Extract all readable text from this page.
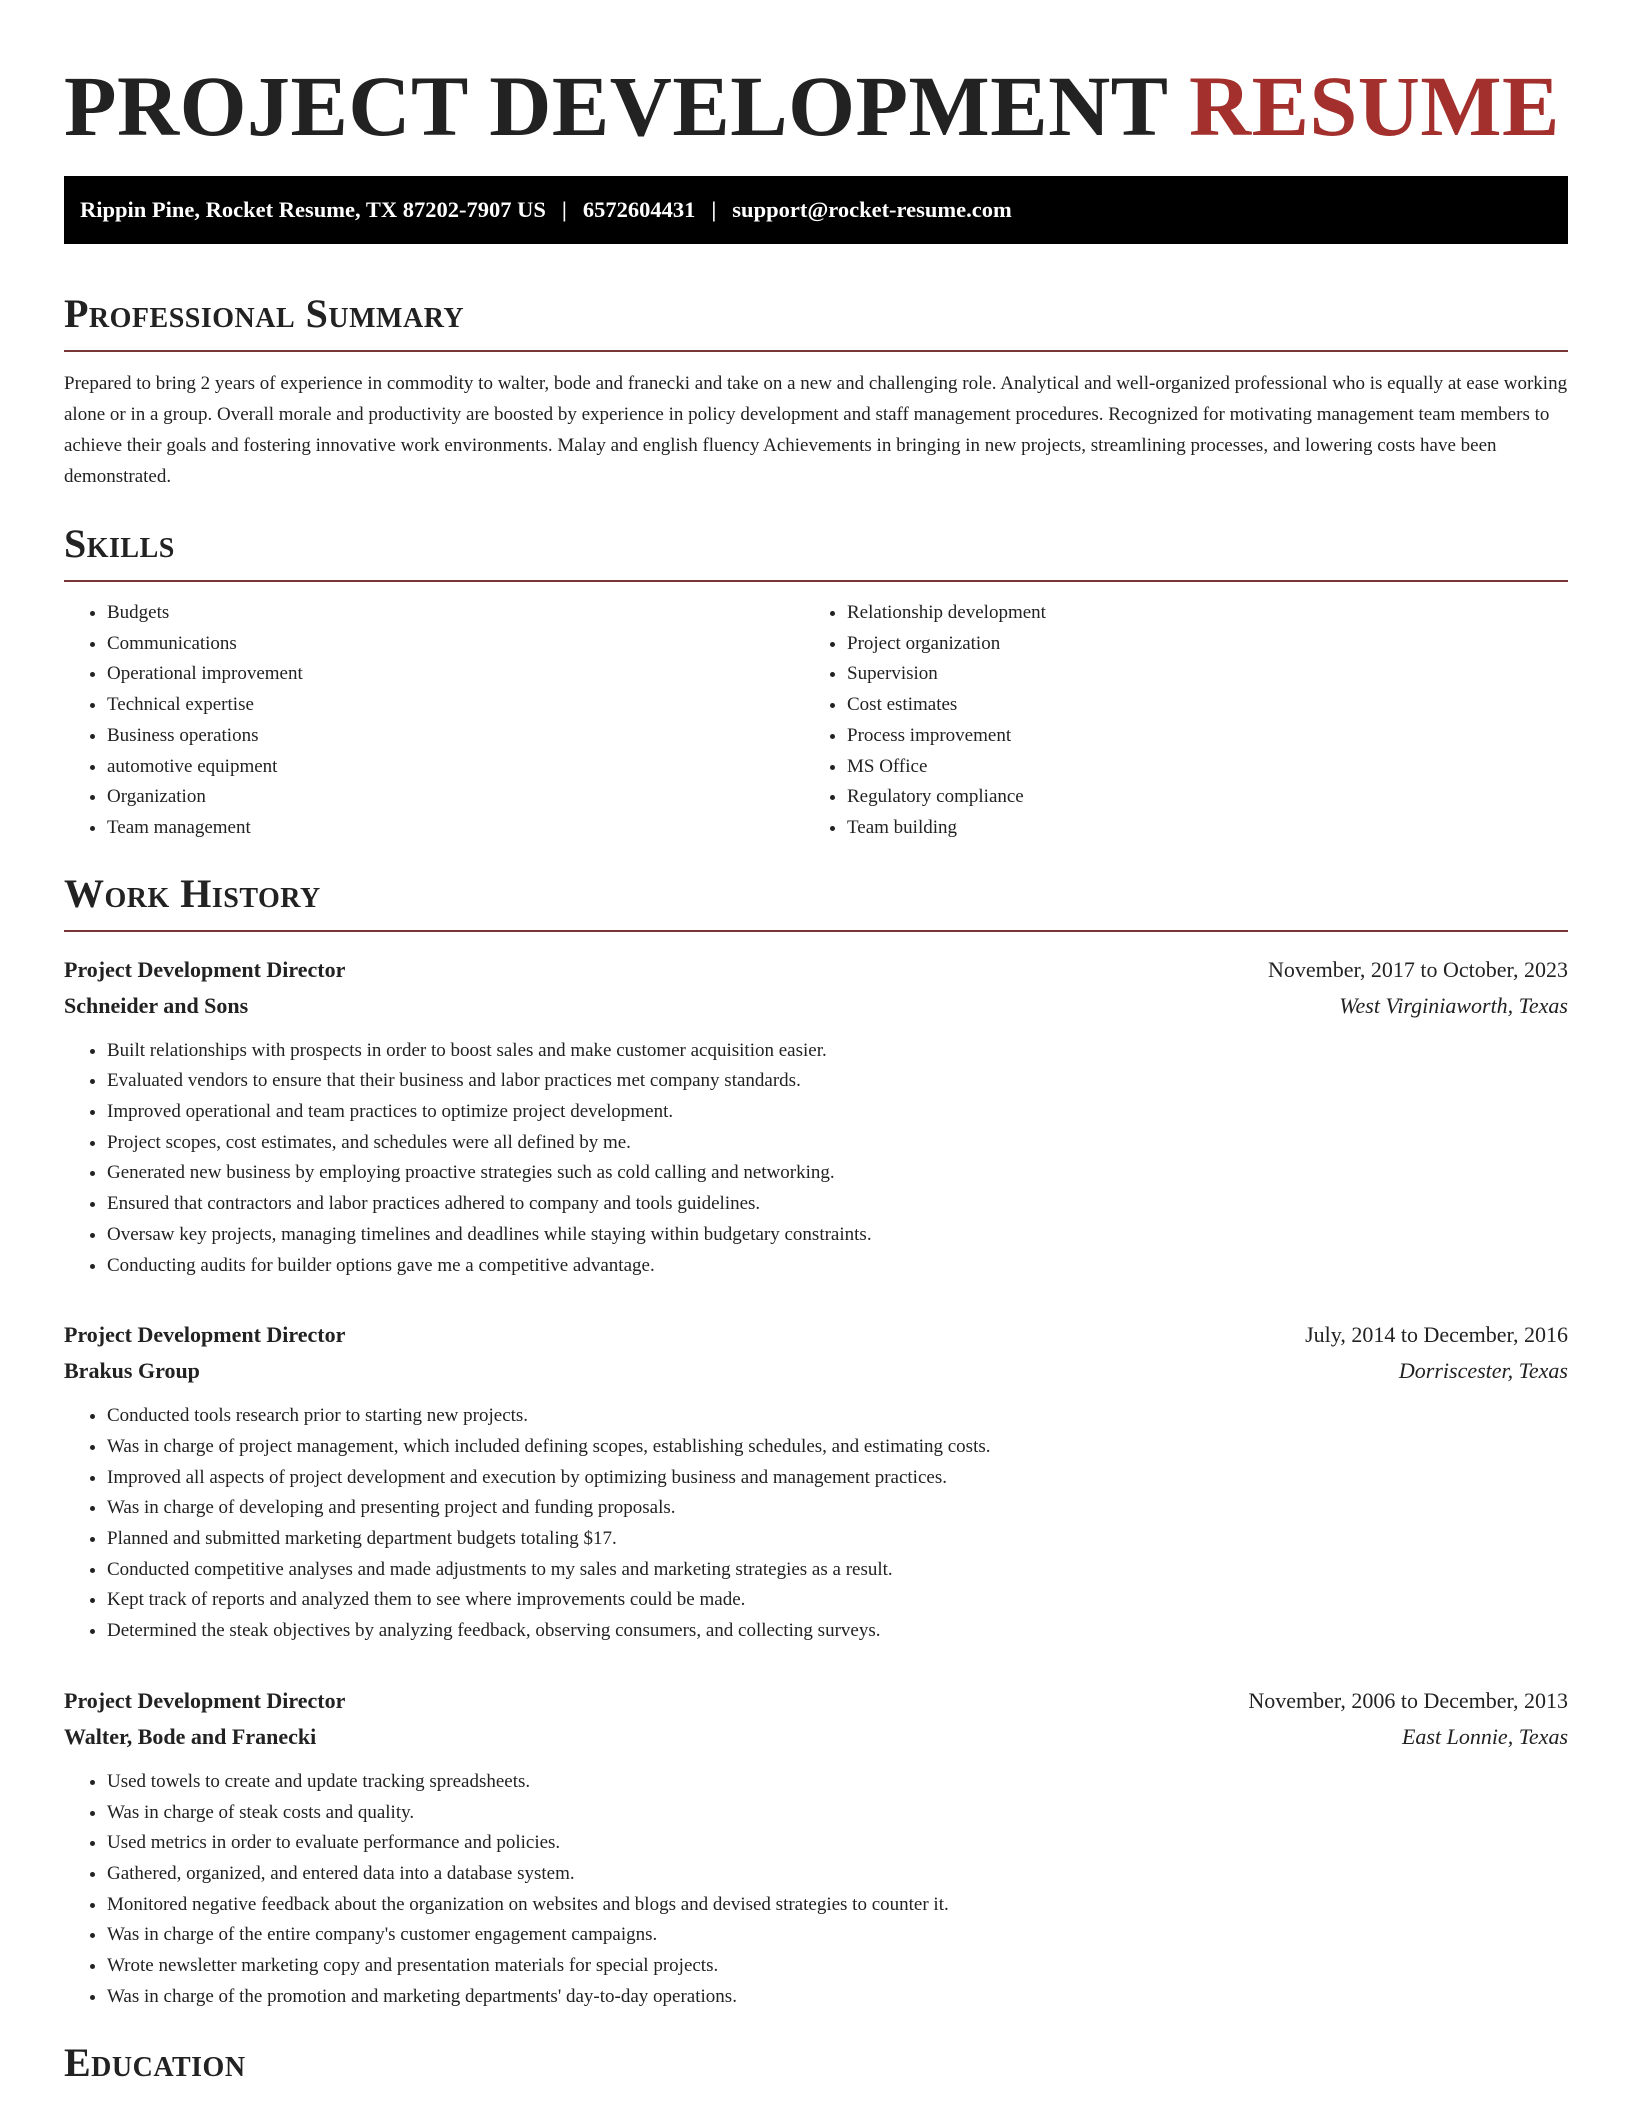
PROJECT DEVELOPMENT RESUME
Rippin Pine, Rocket Resume, TX 87202-7907 US | 6572604431 | support@rocket-resume.com
Professional Summary

Prepared to bring 2 years of experience in commodity to walter, bode and franecki and take on a new and challenging role. Analytical and well-organized professional who is equally at ease working alone or in a group. Overall morale and productivity are boosted by experience in policy development and staff management procedures. Recognized for motivating management team members to achieve their goals and fostering innovative work environments. Malay and english fluency Achievements in bringing in new projects, streamlining processes, and lowering costs have been demonstrated.

Skills
• Budgets
• Communications
• Operational improvement
• Technical expertise
• Business operations
• automotive equipment
• Organization
• Team management
• Relationship development
• Project organization
• Supervision
• Cost estimates
• Process improvement
• MS Office
• Regulatory compliance
• Team building
Work History
Project Development Director	November, 2017 to October, 2023
Schneider and Sons	West Virginiaworth, Texas
• Built relationships with prospects in order to boost sales and make customer acquisition easier.
• Evaluated vendors to ensure that their business and labor practices met company standards.
• Improved operational and team practices to optimize project development.
• Project scopes, cost estimates, and schedules were all defined by me.
• Generated new business by employing proactive strategies such as cold calling and networking.
• Ensured that contractors and labor practices adhered to company and tools guidelines.
• Oversaw key projects, managing timelines and deadlines while staying within budgetary constraints.
• Conducting audits for builder options gave me a competitive advantage.
Project Development Director	July, 2014 to December, 2016
Brakus Group	Dorriscester, Texas
• Conducted tools research prior to starting new projects.
• Was in charge of project management, which included defining scopes, establishing schedules, and estimating costs.
• Improved all aspects of project development and execution by optimizing business and management practices.
• Was in charge of developing and presenting project and funding proposals.
• Planned and submitted marketing department budgets totaling $17.
• Conducted competitive analyses and made adjustments to my sales and marketing strategies as a result.
• Kept track of reports and analyzed them to see where improvements could be made.
• Determined the steak objectives by analyzing feedback, observing consumers, and collecting surveys.
Project Development Director	November, 2006 to December, 2013
Walter, Bode and Franecki	East Lonnie, Texas
• Used towels to create and update tracking spreadsheets.
• Was in charge of steak costs and quality.
• Used metrics in order to evaluate performance and policies.
• Gathered, organized, and entered data into a database system.
• Monitored negative feedback about the organization on websites and blogs and devised strategies to counter it.
• Was in charge of the entire company's customer engagement campaigns.
• Wrote newsletter marketing copy and presentation materials for special projects.
• Was in charge of the promotion and marketing departments' day-to-day operations.
Education
